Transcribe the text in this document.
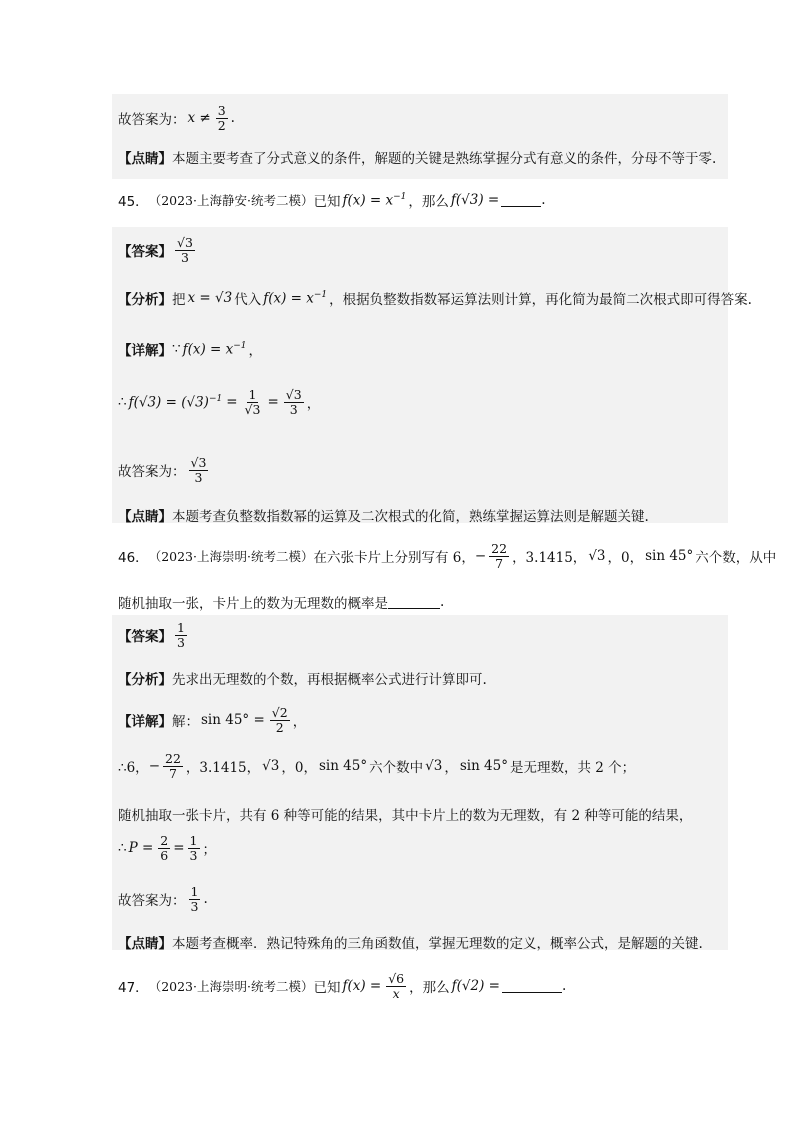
故答案为： $x \ne \frac{3}{2}$ .
【点睛】 本题主要考查了分式意义的条件，解题的关键是熟练掌握分式有意义的条件，分母不等于零.
45． （2023·上海静安·统考二模） 已知 $f(x) = x^{-1}$ ，那么 f(√3) =	.
【答案】 $\frac{√3}{3}$
【分析】 把 x = √3 代入 $f(x) = x^{-1}$ ，根据负整数指数幂运算法则计算，再化简为最简二次根式即可得答案.
【详解】 ∵ $f(x) = x^{-1}$ ，
∴ $f(√3) = (√3)^{-1} = \frac{1}{√3} = \frac{√3}{3}$ ，
故答案为： $\frac{√3}{3}$
【点睛】 本题考查负整数指数幂的运算及二次根式的化简，熟练掌握运算法则是解题关键.
46． （2023·上海崇明·统考二模） 在六张卡片上分别写有 6， − $\frac{22}{7}$ ，3.1415， √3 ，0， sin 45° 六个数，从中
随机抽取一张，卡片上的数为无理数的概率是	.
【答案】 $\frac{1}{3}$
【分析】 先求出无理数的个数，再根据概率公式进行计算即可.
【详解】 解： $\sin 45^\circ = \frac{√2}{2}$ ，
∴6， − $\frac{22}{7}$ ，3.1415， √3 ，0， sin 45° 六个数中 √3 ， sin 45° 是无理数，共 2 个；
随机抽取一张卡片，共有 6 种等可能的结果，其中卡片上的数为无理数，有 2 种等可能的结果，
∴ $P = \frac{2}{6} = \frac{1}{3}$ ；
故答案为： $\frac{1}{3}$ .
【点睛】 本题考查概率．熟记特殊角的三角函数值，掌握无理数的定义，概率公式，是解题的关键.
47． （2023·上海崇明·统考二模） 已知 $f(x) = \frac{√6}{x}$ ，那么 f(√2) =	.
